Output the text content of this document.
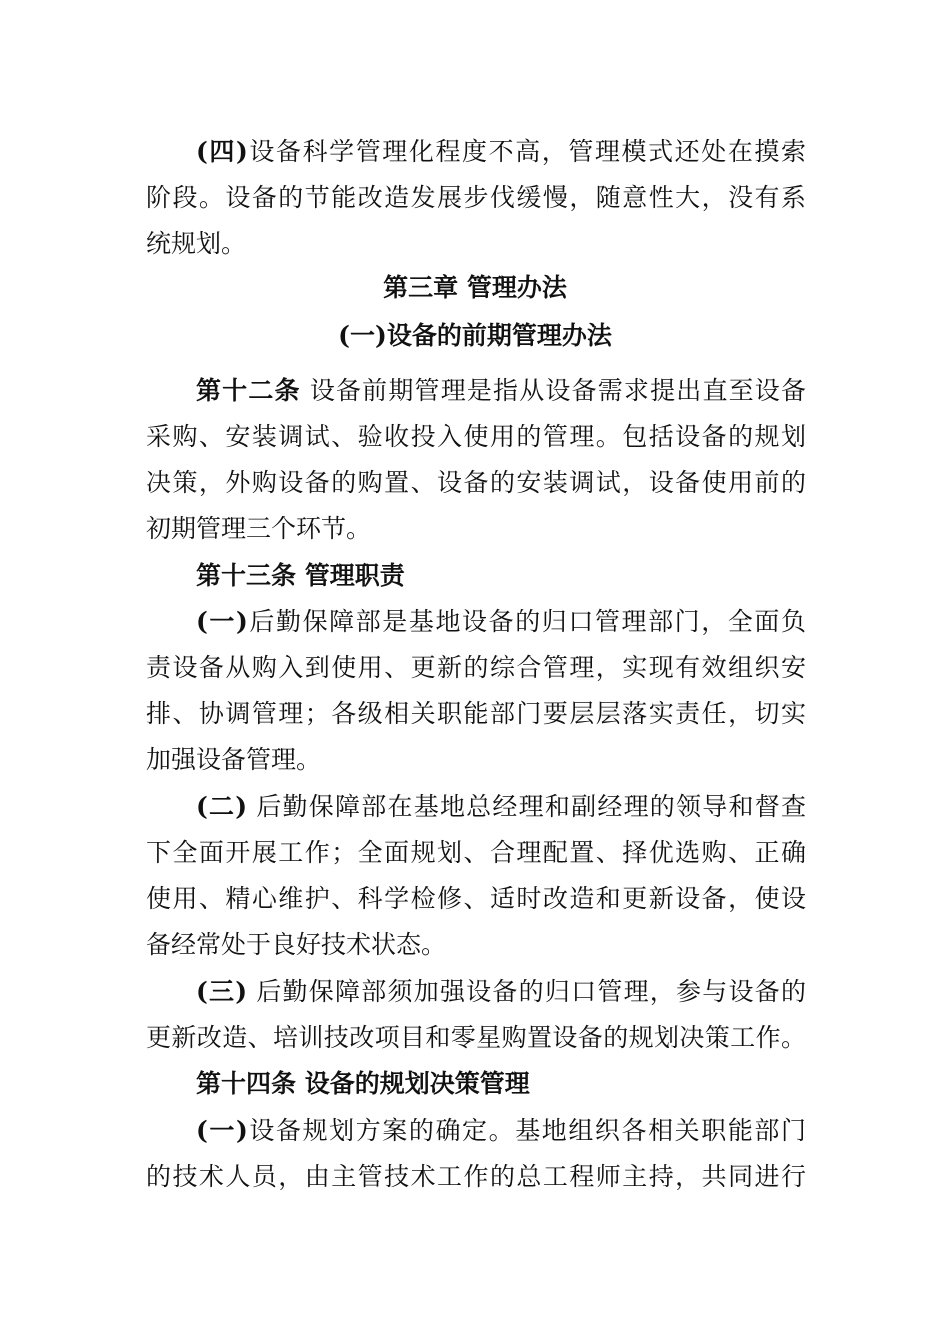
(四)设备科学管理化程度不高，管理模式还处在摸索

阶段。设备的节能改造发展步伐缓慢，随意性大，没有系

统规划。

第三章 管理办法

(一)设备的前期管理办法

第十二条 设备前期管理是指从设备需求提出直至设备

采购、安装调试、验收投入使用的管理。包括设备的规划

决策，外购设备的购置、设备的安装调试，设备使用前的

初期管理三个环节。

第十三条 管理职责

(一)后勤保障部是基地设备的归口管理部门，全面负

责设备从购入到使用、更新的综合管理，实现有效组织安

排、协调管理；各级相关职能部门要层层落实责任，切实

加强设备管理。

(二) 后勤保障部在基地总经理和副经理的领导和督查

下全面开展工作；全面规划、合理配置、择优选购、正确

使用、精心维护、科学检修、适时改造和更新设备，使设

备经常处于良好技术状态。

(三) 后勤保障部须加强设备的归口管理，参与设备的

更新改造、培训技改项目和零星购置设备的规划决策工作。

第十四条 设备的规划决策管理

(一)设备规划方案的确定。基地组织各相关职能部门

的技术人员，由主管技术工作的总工程师主持，共同进行
